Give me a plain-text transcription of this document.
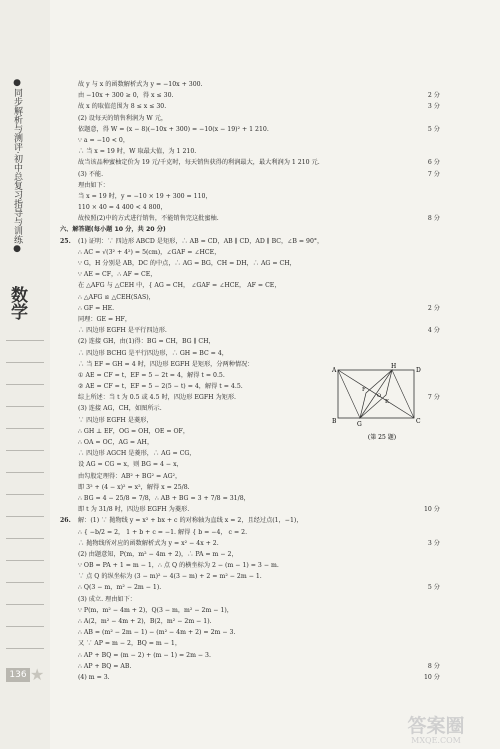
●同步解析与测评·初中总复习指导与训练●
数学
136 ★
故 y 与 x 的函数解析式为 y = −10x + 300.
由 −10x + 300 ≥ 0，得 x ≤ 30.	2 分
故 x 的取值范围为 8 ≤ x ≤ 30.	3 分
(2) 设每天的销售利润为 W 元，
依题意，得 W = (x − 8)(−10x + 300) = −10(x − 19)² + 1 210.	5 分
∵ a = −10 < 0，
∴ 当 x = 19 时，W 取最大值，为 1 210.
故当该品种蜜柚定价为 19 元/千克时，每天销售获得的利润最大，最大利润为 1 210 元.	6 分
(3) 不能.	7 分
理由如下：
当 x = 19 时，y = −10 × 19 + 300 = 110，
110 × 40 = 4 400 < 4 800，
故按照(2)中的方式进行销售，不能销售完这批蜜柚.	8 分
六、解答题(每小题 10 分，共 20 分)
25. (1) 证明：∵ 四边形 ABCD 是矩形，∴ AB = CD，AB ∥ CD，AD ∥ BC，∠B = 90°，
∴ AC = √(3² + 4²) = 5(cm)，∠GAF = ∠HCE，
∵ G，H 分别是 AB，DC 的中点，∴ AG = BG，CH = DH，∴ AG = CH，
∵ AE = CF，∴ AF = CE，
在 △AFG 与 △CEH 中，{ AG = CH， ∠GAF = ∠HCE， AF = CE，
∴ △AFG ≌ △CEH(SAS)，
∴ GF = HE.	2 分
同理：GE = HF，
∴ 四边形 EGFH 是平行四边形.	4 分
(2) 连接 GH，由(1)得：BG = CH，BG ∥ CH，
∴ 四边形 BCHG 是平行四边形，∴ GH = BC = 4，
∴ 当 EF = GH = 4 时，四边形 EGFH 是矩形，分两种情况：
① AE = CF = t，EF = 5 − 2t = 4，解得 t = 0.5.
② AE = CF = t，EF = 5 − 2(5 − t) = 4，解得 t = 4.5.
综上所述：当 t 为 0.5 或 4.5 时，四边形 EGFH 为矩形.	7 分
(3) 连接 AG，CH，如图所示.
∵ 四边形 EGFH 是菱形，
∴ GH ⊥ EF，OG = OH，OE = OF，
∴ OA = OC，AG = AH，
∴ 四边形 AGCH 是菱形，∴ AG = CG，
设 AG = CG = x，则 BG = 4 − x，
由勾股定理得：AB² + BG² = AG²，
即 3² + (4 − x)² = x²，解得 x = 25/8.
∴ BG = 4 − 25/8 = 7/8，∴ AB + BG = 3 + 7/8 = 31/8，
即 t 为 31/8 时，四边形 EGFH 为菱形.	10 分
26. 解：(1) ∵ 抛物线 y = x² + bx + c 的对称轴为直线 x = 2，且经过点(1，−1)，
∴ { −b/2 = 2， 1 + b + c = −1. 解得 { b = −4， c = 2.
∴ 抛物线所对应的函数解析式为 y = x² − 4x + 2.	3 分
(2) 由题意知，P(m，m² − 4m + 2)，∴ PA = m − 2，
∵ OB = PA + 1 = m − 1，∴ 点 Q 的横坐标为 2 − (m − 1) = 3 − m.
∵ 点 Q 的纵坐标为 (3 − m)² − 4(3 − m) + 2 = m² − 2m − 1.
∴ Q(3 − m，m² − 2m − 1).	5 分
(3) 成立. 理由如下：
∵ P(m，m² − 4m + 2)，Q(3 − m，m² − 2m − 1)，
∴ A(2，m² − 4m + 2)，B(2，m² − 2m − 1).
∴ AB = (m² − 2m − 1) − (m² − 4m + 2) = 2m − 3.
又 ∵ AP = m − 2，BQ = m − 1，
∴ AP + BQ = (m − 2) + (m − 1) = 2m − 3.
∴ AP + BQ = AB.	8 分
(4) m = 3.	10 分
A	D
B	C
G
H
E
F
O
(第 25 题)
答案圈
MXQE.COM
